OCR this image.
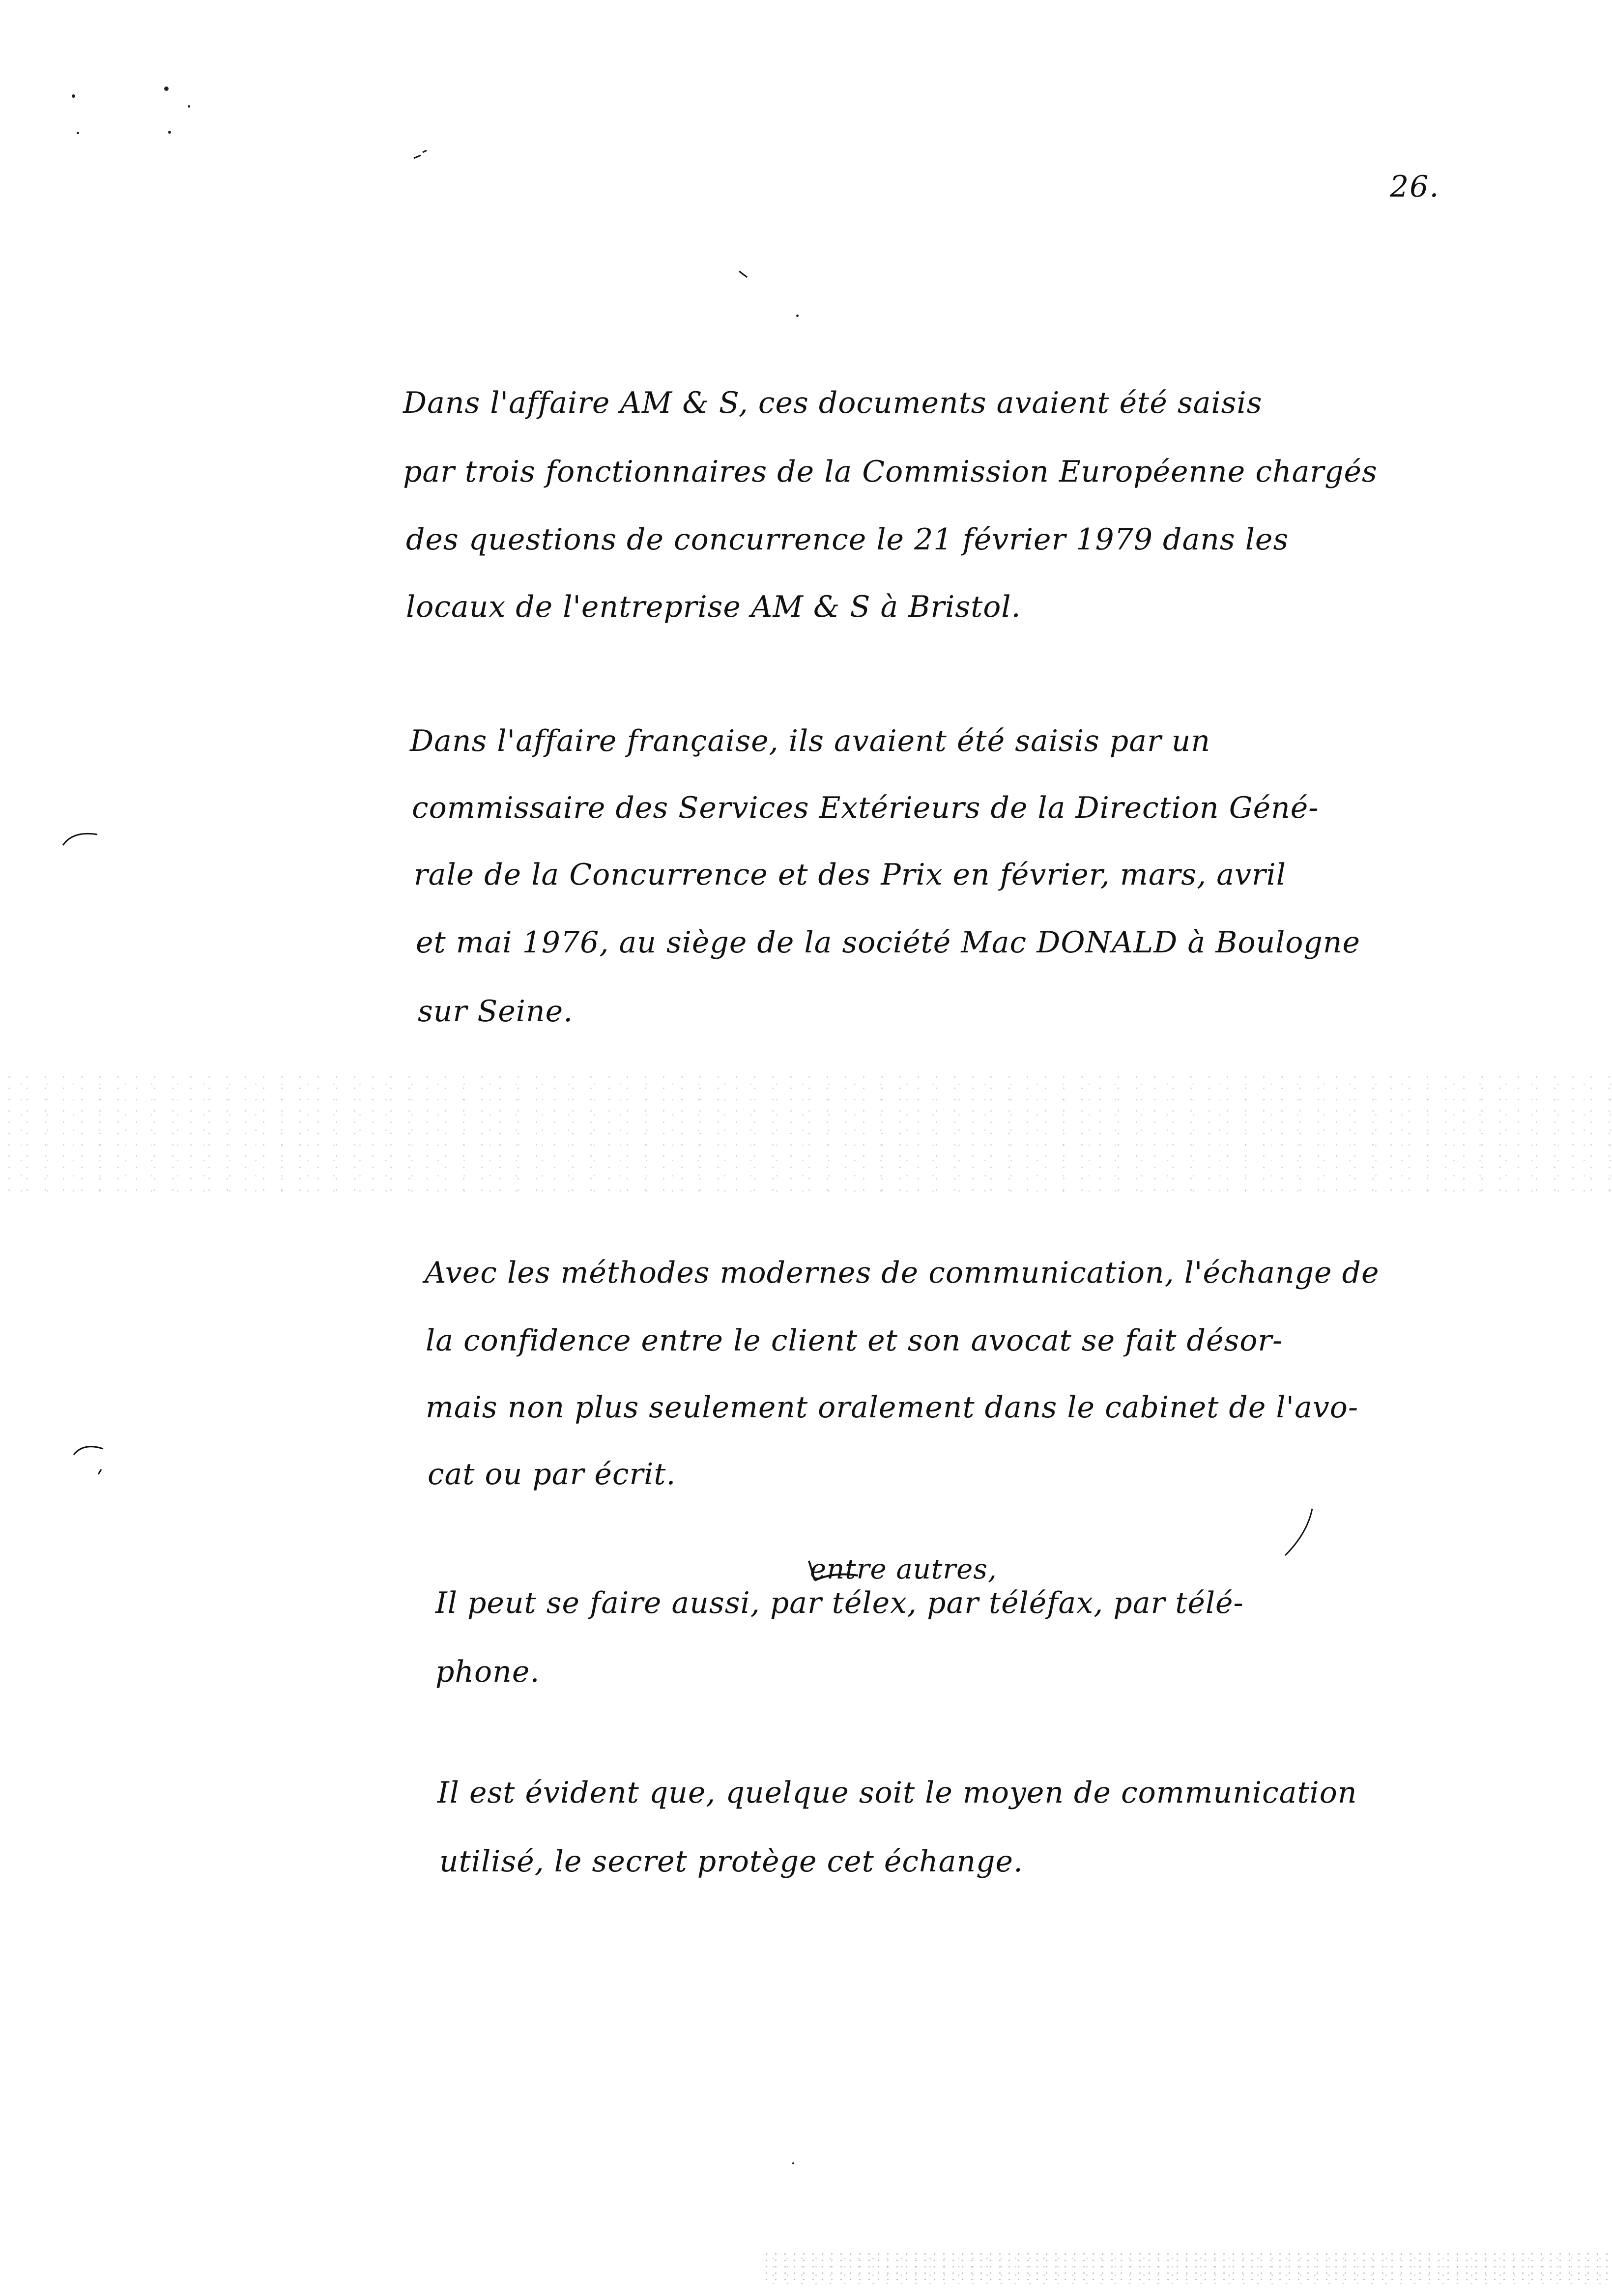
26.
Dans l'affaire AM & S, ces documents avaient été saisis
par trois fonctionnaires de la Commission Européenne chargés
des questions de concurrence le 21 février 1979 dans les
locaux de l'entreprise AM & S à Bristol.
Dans l'affaire française, ils avaient été saisis par un
commissaire des Services Extérieurs de la Direction Géné-
rale de la Concurrence et des Prix en février, mars, avril
et mai 1976, au siège de la société Mac DONALD à Boulogne
sur Seine.
Avec les méthodes modernes de communication, l'échange de
la confidence entre le client et son avocat se fait désor-
mais non plus seulement oralement dans le cabinet de l'avo-
cat ou par écrit.
entre autres,
Il peut se faire aussi, par télex, par téléfax, par télé-
phone.
Il est évident que, quelque soit le moyen de communication
utilisé, le secret protège cet échange.
